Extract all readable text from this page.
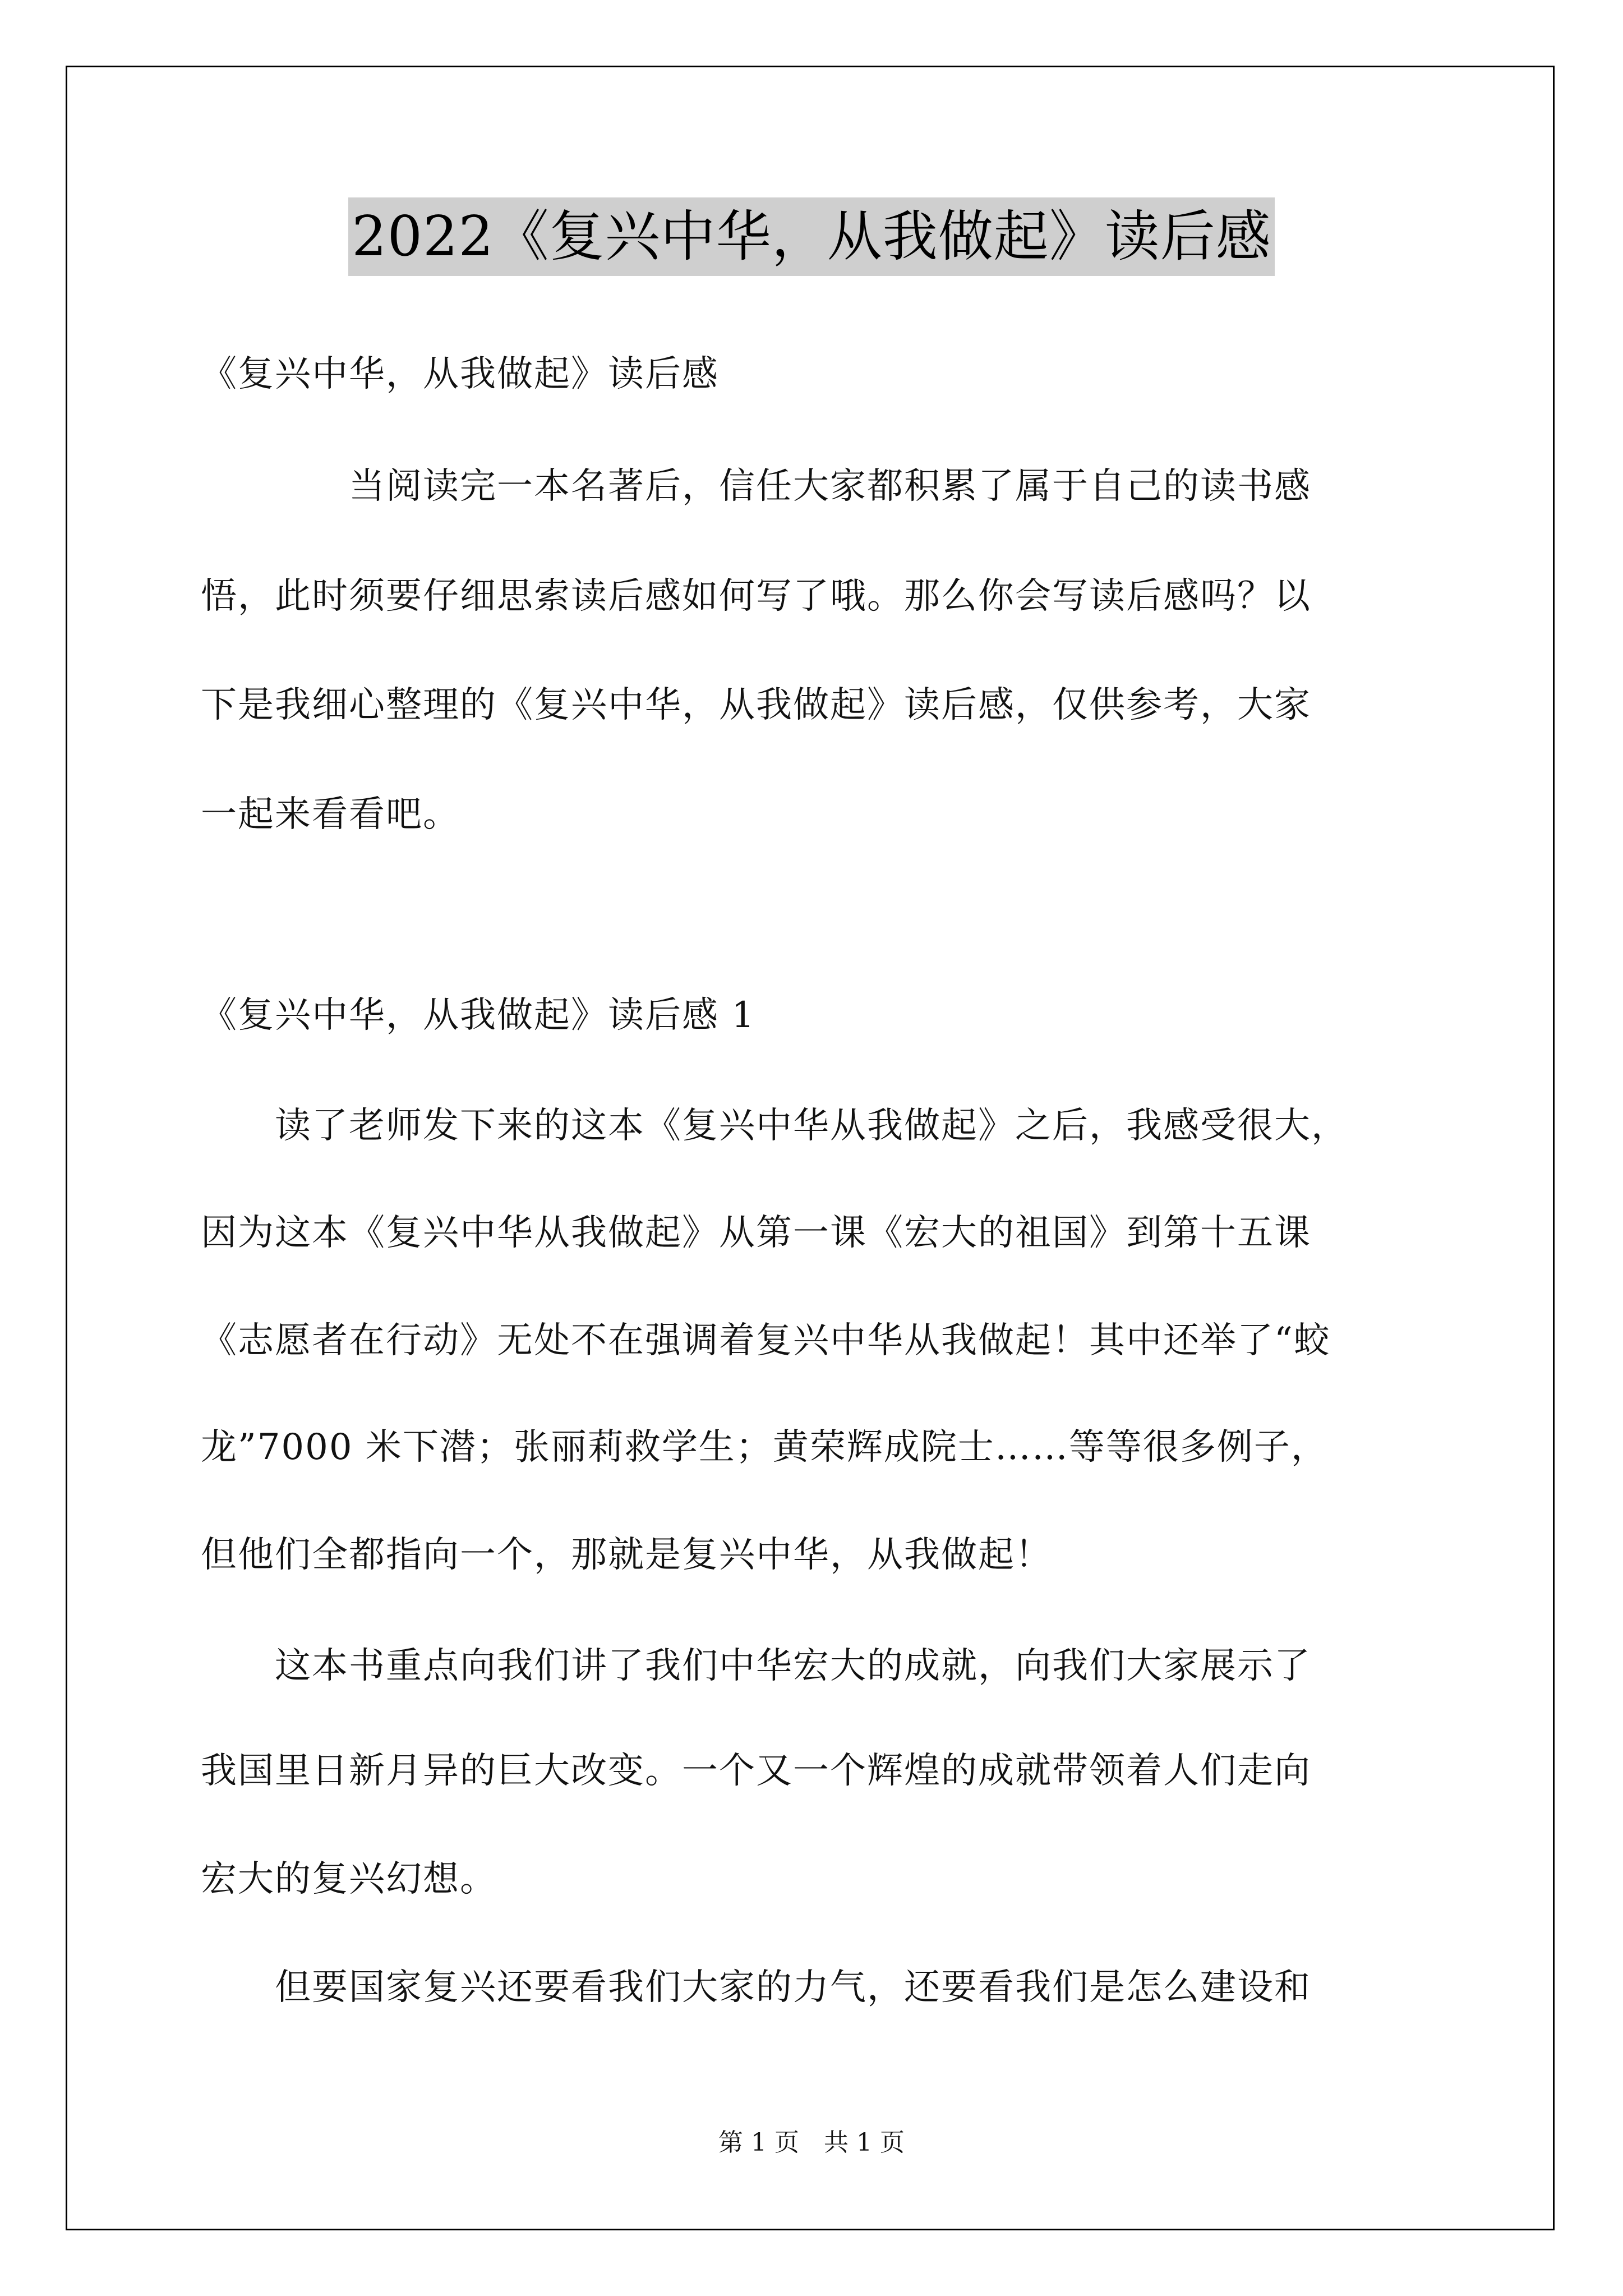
2022《复兴中华，从我做起》读后感
《复兴中华，从我做起》读后感
　　　　当阅读完一本名著后，信任大家都积累了属于自己的读书感
悟，此时须要仔细思索读后感如何写了哦。那么你会写读后感吗？以
下是我细心整理的《复兴中华，从我做起》读后感，仅供参考，大家
一起来看看吧。
《复兴中华，从我做起》读后感 1
　　读了老师发下来的这本《复兴中华从我做起》之后，我感受很大，
因为这本《复兴中华从我做起》从第一课《宏大的祖国》到第十五课
《志愿者在行动》无处不在强调着复兴中华从我做起！其中还举了“蛟
龙”7000 米下潜；张丽莉救学生；黄荣辉成院士……等等很多例子，
但他们全都指向一个，那就是复兴中华，从我做起！
　　这本书重点向我们讲了我们中华宏大的成就，向我们大家展示了
我国里日新月异的巨大改变。一个又一个辉煌的成就带领着人们走向
宏大的复兴幻想。
　　但要国家复兴还要看我们大家的力气，还要看我们是怎么建设和
第 1 页　共 1 页
